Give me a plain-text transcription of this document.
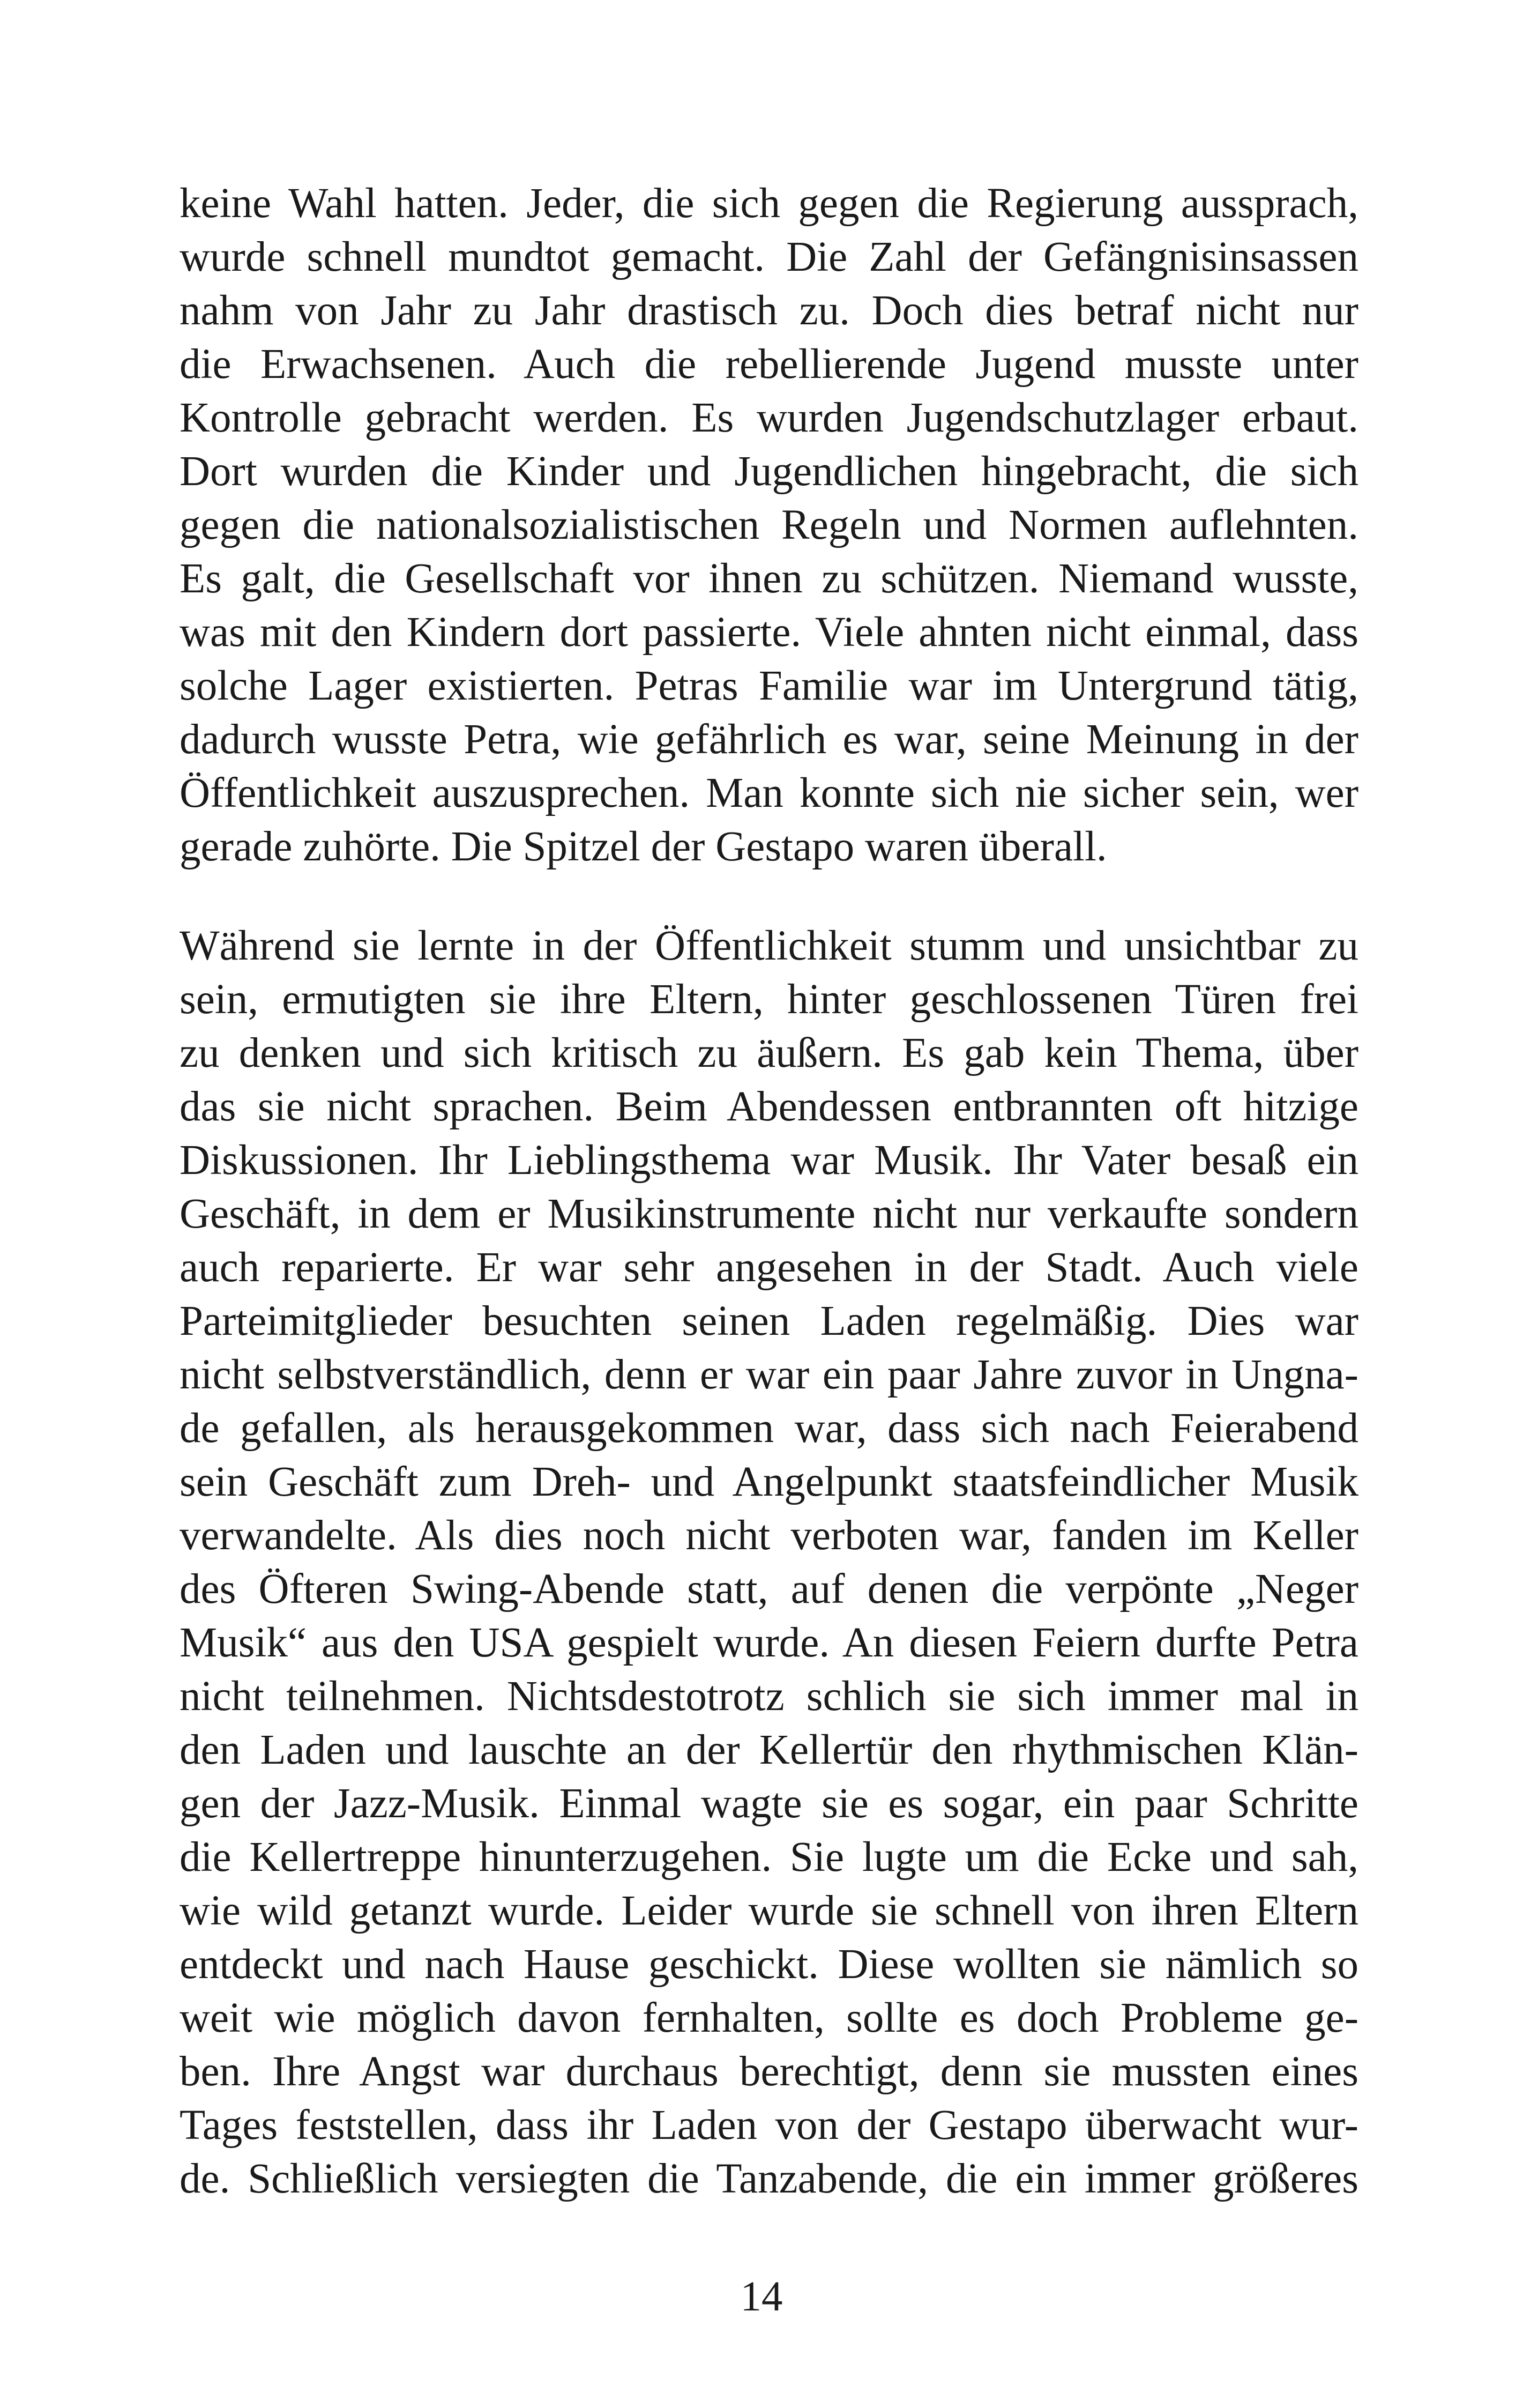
keine Wahl hatten. Jeder, die sich gegen die Regierung aussprach,
wurde schnell mundtot gemacht. Die Zahl der Gefängnisinsassen
nahm von Jahr zu Jahr drastisch zu. Doch dies betraf nicht nur
die Erwachsenen. Auch die rebellierende Jugend musste unter
Kontrolle gebracht werden. Es wurden Jugendschutzlager erbaut.
Dort wurden die Kinder und Jugendlichen hingebracht, die sich
gegen die nationalsozialistischen Regeln und Normen auflehnten.
Es galt, die Gesellschaft vor ihnen zu schützen. Niemand wusste,
was mit den Kindern dort passierte. Viele ahnten nicht einmal, dass
solche Lager existierten. Petras Familie war im Untergrund tätig,
dadurch wusste Petra, wie gefährlich es war, seine Meinung in der
Öffentlichkeit auszusprechen. Man konnte sich nie sicher sein, wer
gerade zuhörte. Die Spitzel der Gestapo waren überall.
Während sie lernte in der Öffentlichkeit stumm und unsichtbar zu
sein, ermutigten sie ihre Eltern, hinter geschlossenen Türen frei
zu denken und sich kritisch zu äußern. Es gab kein Thema, über
das sie nicht sprachen. Beim Abendessen entbrannten oft hitzige
Diskussionen. Ihr Lieblingsthema war Musik. Ihr Vater besaß ein
Geschäft, in dem er Musikinstrumente nicht nur verkaufte sondern
auch reparierte. Er war sehr angesehen in der Stadt. Auch viele
Parteimitglieder besuchten seinen Laden regelmäßig. Dies war
nicht selbstverständlich, denn er war ein paar Jahre zuvor in Ungna-
de gefallen, als herausgekommen war, dass sich nach Feierabend
sein Geschäft zum Dreh- und Angelpunkt staatsfeindlicher Musik
verwandelte. Als dies noch nicht verboten war, fanden im Keller
des Öfteren Swing-Abende statt, auf denen die verpönte „Neger
Musik“ aus den USA gespielt wurde. An diesen Feiern durfte Petra
nicht teilnehmen. Nichtsdestotrotz schlich sie sich immer mal in
den Laden und lauschte an der Kellertür den rhythmischen Klän-
gen der Jazz-Musik. Einmal wagte sie es sogar, ein paar Schritte
die Kellertreppe hinunterzugehen. Sie lugte um die Ecke und sah,
wie wild getanzt wurde. Leider wurde sie schnell von ihren Eltern
entdeckt und nach Hause geschickt. Diese wollten sie nämlich so
weit wie möglich davon fernhalten, sollte es doch Probleme ge-
ben. Ihre Angst war durchaus berechtigt, denn sie mussten eines
Tages feststellen, dass ihr Laden von der Gestapo überwacht wur-
de. Schließlich versiegten die Tanzabende, die ein immer größeres
14
